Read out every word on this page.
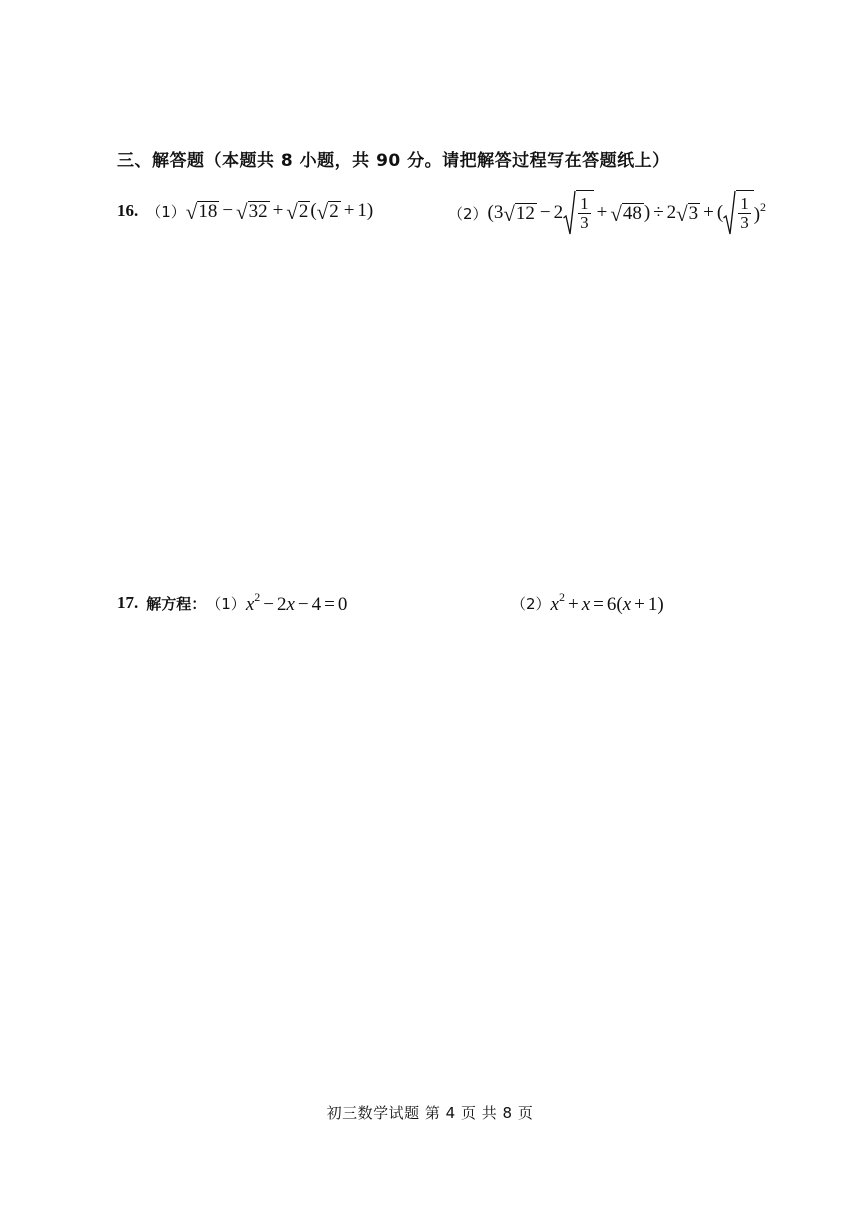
三、解答题（本题共 8 小题，共 90 分。请把解答过程写在答题纸上）
16. （1） √ 18 − √ 32 + √ 2 ( √ 2 + 1)	（2） (3 √ $12 - 2 \frac{1}{3}$ + √ 48 ) ÷ 2 √ 3 + ( $\frac{1}{3} )^2$
17. 解方程： （1） $x^2 - 2x - 4 = 0$	（2） $x^2 + x = 6(x + 1)$
初三数学试题 第 4 页 共 8 页
